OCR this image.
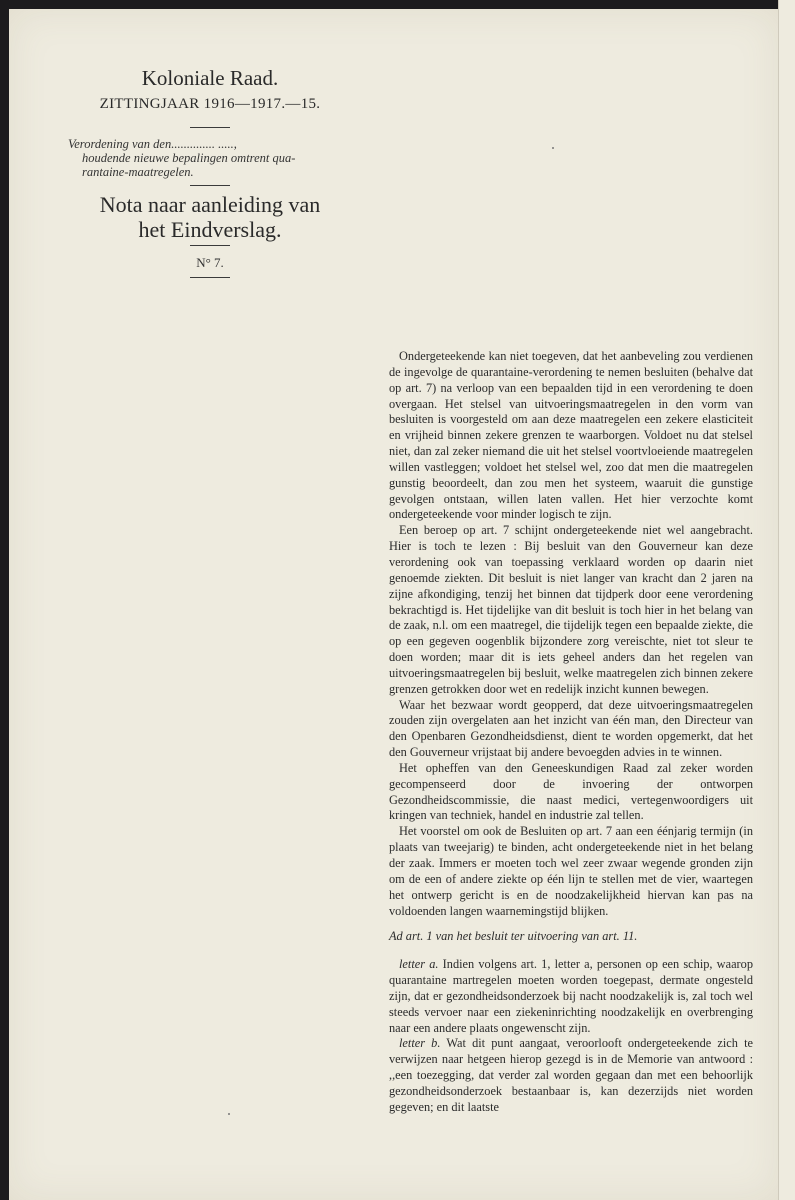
Koloniale Raad.
ZITTINGJAAR 1916—1917.—15.
Verordening van den.............. .....,
houdende nieuwe bepalingen omtrent qua-
rantaine-maatregelen.
Nota naar aanleiding van
het Eindverslag.
N° 7.

Ondergeteekende kan niet toegeven, dat het aanbeveling zou verdienen de ingevolge de quarantaine-verordening te nemen besluiten (behalve dat op art. 7) na verloop van een bepaalden tijd in een verordening te doen overgaan. Het stelsel van uitvoeringsmaatregelen in den vorm van besluiten is voorgesteld om aan deze maatregelen een zekere elasticiteit en vrijheid binnen zekere grenzen te waarborgen. Voldoet nu dat stelsel niet, dan zal zeker niemand die uit het stelsel voortvloeiende maatregelen willen vastleggen; voldoet het stelsel wel, zoo dat men die maatregelen gunstig beoordeelt, dan zou men het systeem, waaruit die gunstige gevolgen ontstaan, willen laten vallen. Het hier verzochte komt ondergeteekende voor minder logisch te zijn.

Een beroep op art. 7 schijnt ondergeteekende niet wel aangebracht. Hier is toch te lezen : Bij besluit van den Gouverneur kan deze verordening ook van toepassing verklaard worden op daarin niet genoemde ziekten. Dit besluit is niet langer van kracht dan 2 jaren na zijne afkondiging, tenzij het binnen dat tijdperk door eene verordening bekrachtigd is. Het tijdelijke van dit besluit is toch hier in het belang van de zaak, n.l. om een maatregel, die tijdelijk tegen een bepaalde ziekte, die op een gegeven oogenblik bijzondere zorg vereischte, niet tot sleur te doen worden; maar dit is iets geheel anders dan het regelen van uitvoeringsmaatregelen bij besluit, welke maatregelen zich binnen zekere grenzen getrokken door wet en redelijk inzicht kunnen bewegen.

Waar het bezwaar wordt geopperd, dat deze uitvoeringsmaatregelen zouden zijn overgelaten aan het inzicht van één man, den Directeur van den Openbaren Gezondheidsdienst, dient te worden opgemerkt, dat het den Gouverneur vrijstaat bij andere bevoegden advies in te winnen.

Het opheffen van den Geneeskundigen Raad zal zeker worden gecompenseerd door de invoering der ontworpen Gezondheidscommissie, die naast medici, vertegenwoordigers uit kringen van techniek, handel en industrie zal tellen.

Het voorstel om ook de Besluiten op art. 7 aan een éénjarig termijn (in plaats van tweejarig) te binden, acht ondergeteekende niet in het belang der zaak. Immers er moeten toch wel zeer zwaar wegende gronden zijn om de een of andere ziekte op één lijn te stellen met de vier, waartegen het ontwerp gericht is en de noodzakelijkheid hiervan kan pas na voldoenden langen waarnemingstijd blijken.

Ad art. 1 van het besluit ter uitvoering van art. 11.

letter a. Indien volgens art. 1, letter a, personen op een schip, waarop quarantaine martregelen moeten worden toegepast, dermate ongesteld zijn, dat er gezondheidsonderzoek bij nacht noodzakelijk is, zal toch wel steeds vervoer naar een ziekeninrichting noodzakelijk en overbrenging naar een andere plaats ongewenscht zijn.

letter b. Wat dit punt aangaat, veroorlooft ondergeteekende zich te verwijzen naar hetgeen hierop gezegd is in de Memorie van antwoord : ,,een toezegging, dat verder zal worden gegaan dan met een behoorlijk gezondheidsonderzoek bestaanbaar is, kan dezerzijds niet worden gegeven; en dit laatste
